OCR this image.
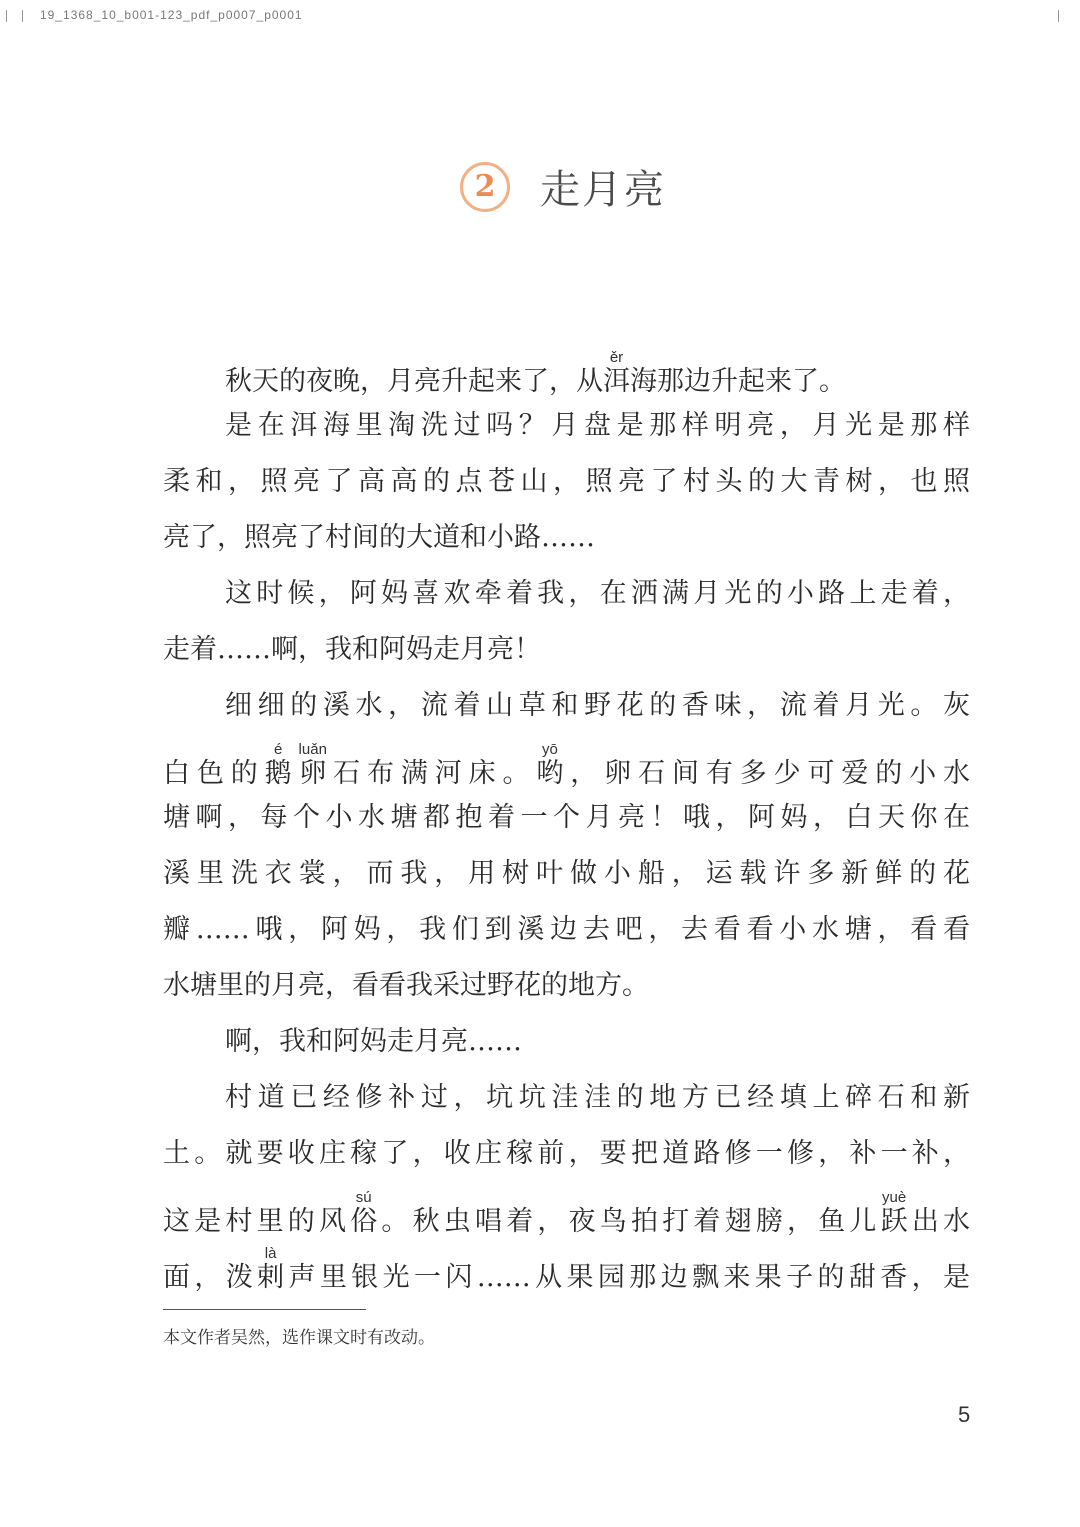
19_1368_10_b001-123_pdf_p0007_p0001
2	走月亮
秋天的夜晚，月亮升起来了，从洱ěr海那边升起来了。
是在洱海里淘洗过吗？月盘是那样明亮，月光是那样
柔和，照亮了高高的点苍山，照亮了村头的大青树，也照
亮了，照亮了村间的大道和小路……
这时候，阿妈喜欢牵着我，在洒满月光的小路上走着，
走着……啊，我和阿妈走月亮！
细细的溪水，流着山草和野花的香味，流着月光。灰
白色的鹅é卵luǎn石布满河床。哟yō，卵石间有多少可爱的小水
塘啊，每个小水塘都抱着一个月亮！哦，阿妈，白天你在
溪里洗衣裳，而我，用树叶做小船，运载许多新鲜的花
瓣……哦，阿妈，我们到溪边去吧，去看看小水塘，看看
水塘里的月亮，看看我采过野花的地方。
啊，我和阿妈走月亮……
村道已经修补过，坑坑洼洼的地方已经填上碎石和新
土。就要收庄稼了，收庄稼前，要把道路修一修，补一补，
这是村里的风俗sú。秋虫唱着，夜鸟拍打着翅膀，鱼儿跃yuè出水
面，泼剌là声里银光一闪……从果园那边飘来果子的甜香，是
本文作者吴然，选作课文时有改动。
5
